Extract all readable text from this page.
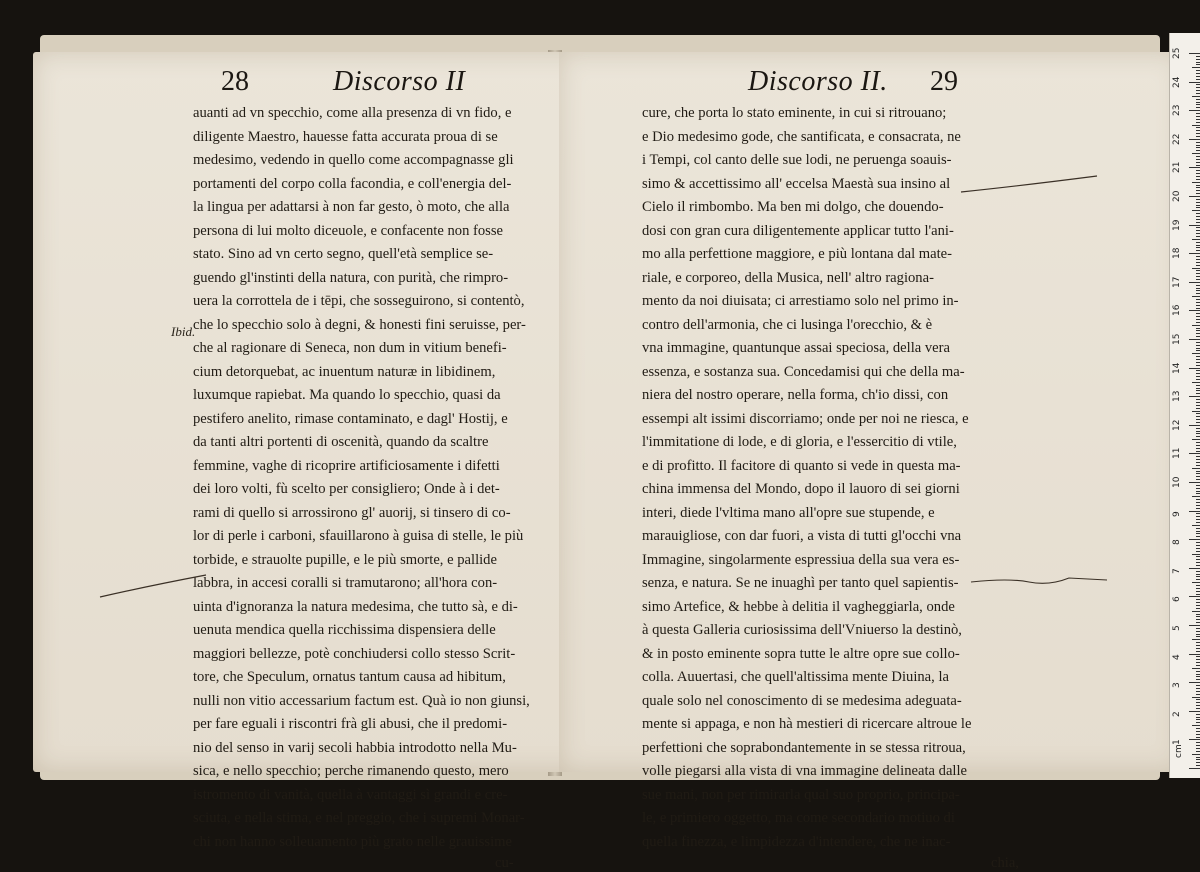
28	Discorso II
Ibid.
auanti ad vn specchio, come alla presenza di vn fido, e
diligente Maestro, hauesse fatta accurata proua di se
medesimo, vedendo in quello come accompagnasse gli
portamenti del corpo colla facondia, e coll'energia del-
la lingua per adattarsi à non far gesto, ò moto, che alla
persona di lui molto diceuole, e confacente non fosse
stato. Sino ad vn certo segno, quell'età semplice se-
guendo gl'instinti della natura, con purità, che rimpro-
uera la corrottela de i tēpi, che sosseguirono, si contentò,
che lo specchio solo à degni, & honesti fini seruisse, per-
che al ragionare di Seneca, non dum in vitium benefi-
cium detorquebat, ac inuentum naturæ in libidinem,
luxumque rapiebat. Ma quando lo specchio, quasi da
pestifero anelito, rimase contaminato, e dagl' Hostij, e
da tanti altri portenti di oscenità, quando da scaltre
femmine, vaghe di ricoprire artificiosamente i difetti
dei loro volti, fù scelto per consigliero; Onde à i det-
rami di quello si arrossirono gl' auorij, si tinsero di co-
lor di perle i carboni, sfauillarono à guisa di stelle, le più
torbide, e strauolte pupille, e le più smorte, e pallide
labbra, in accesi coralli si tramutarono; all'hora con-
uinta d'ignoranza la natura medesima, che tutto sà, e di-
uenuta mendica quella ricchissima dispensiera delle
maggiori bellezze, potè conchiudersi collo stesso Scrit-
tore, che Speculum, ornatus tantum causa ad hibitum,
nulli non vitio accessarium factum est. Quà io non giunsi,
per fare eguali i riscontri frà gli abusi, che il predomi-
nio del senso in varij secoli habbia introdotto nella Mu-
sica, e nello specchio; perche rimanendo questo, mero
istromento di vanità, quella à vantaggi sì grandi e cre-
sciuta, e nella stima, e nel preggio, che i supremi Monar-
chi non hanno solleuamento più grato nelle grauissime
cu-
Discorso II. 29
cure, che porta lo stato eminente, in cui si ritrouano;
e Dio medesimo gode, che santificata, e consacrata, ne
i Tempi, col canto delle sue lodi, ne peruenga soauis-
simo & accettissimo all' eccelsa Maestà sua insino al
Cielo il rimbombo. Ma ben mi dolgo, che douendo-
dosi con gran cura diligentemente applicar tutto l'ani-
mo alla perfettione maggiore, e più lontana dal mate-
riale, e corporeo, della Musica, nell' altro ragiona-
mento da noi diuisata; ci arrestiamo solo nel primo in-
contro dell'armonia, che ci lusinga l'orecchio, & è
vna immagine, quantunque assai speciosa, della vera
essenza, e sostanza sua. Concedamisi qui che della ma-
niera del nostro operare, nella forma, ch'io dissi, con
essempi alt issimi discorriamo; onde per noi ne riesca, e
l'immitatione di lode, e di gloria, e l'essercitio di vtile,
e di profitto. Il facitore di quanto si vede in questa ma-
china immensa del Mondo, dopo il lauoro di sei giorni
interi, diede l'vltima mano all'opre sue stupende, e
marauigliose, con dar fuori, a vista di tutti gl'occhi vna
Immagine, singolarmente espressiua della sua vera es-
senza, e natura. Se ne inuaghì per tanto quel sapientis-
simo Artefice, & hebbe à delitia il vagheggiarla, onde
à questa Galleria curiosissima dell'Vniuerso la destinò,
& in posto eminente sopra tutte le altre opre sue collo-
colla. Auuertasi, che quell'altissima mente Diuina, la
quale solo nel conoscimento di se medesima adeguata-
mente si appaga, e non hà mestieri di ricercare altroue le
perfettioni che soprabondantemente in se stessa ritroua,
volle piegarsi alla vista di vna immagine delineata dalle
sue mani, non per rimirarla qual suo proprio, principa-
le, e primiero oggetto, ma come secondario motiuo di
quella finezza, e limpidezza d'intendere, che ne inac-
chia,
cm
1
2
3
4
5
6
7
8
9
10
11
12
13
14
15
16
17
18
19
20
21
22
23
24
25
